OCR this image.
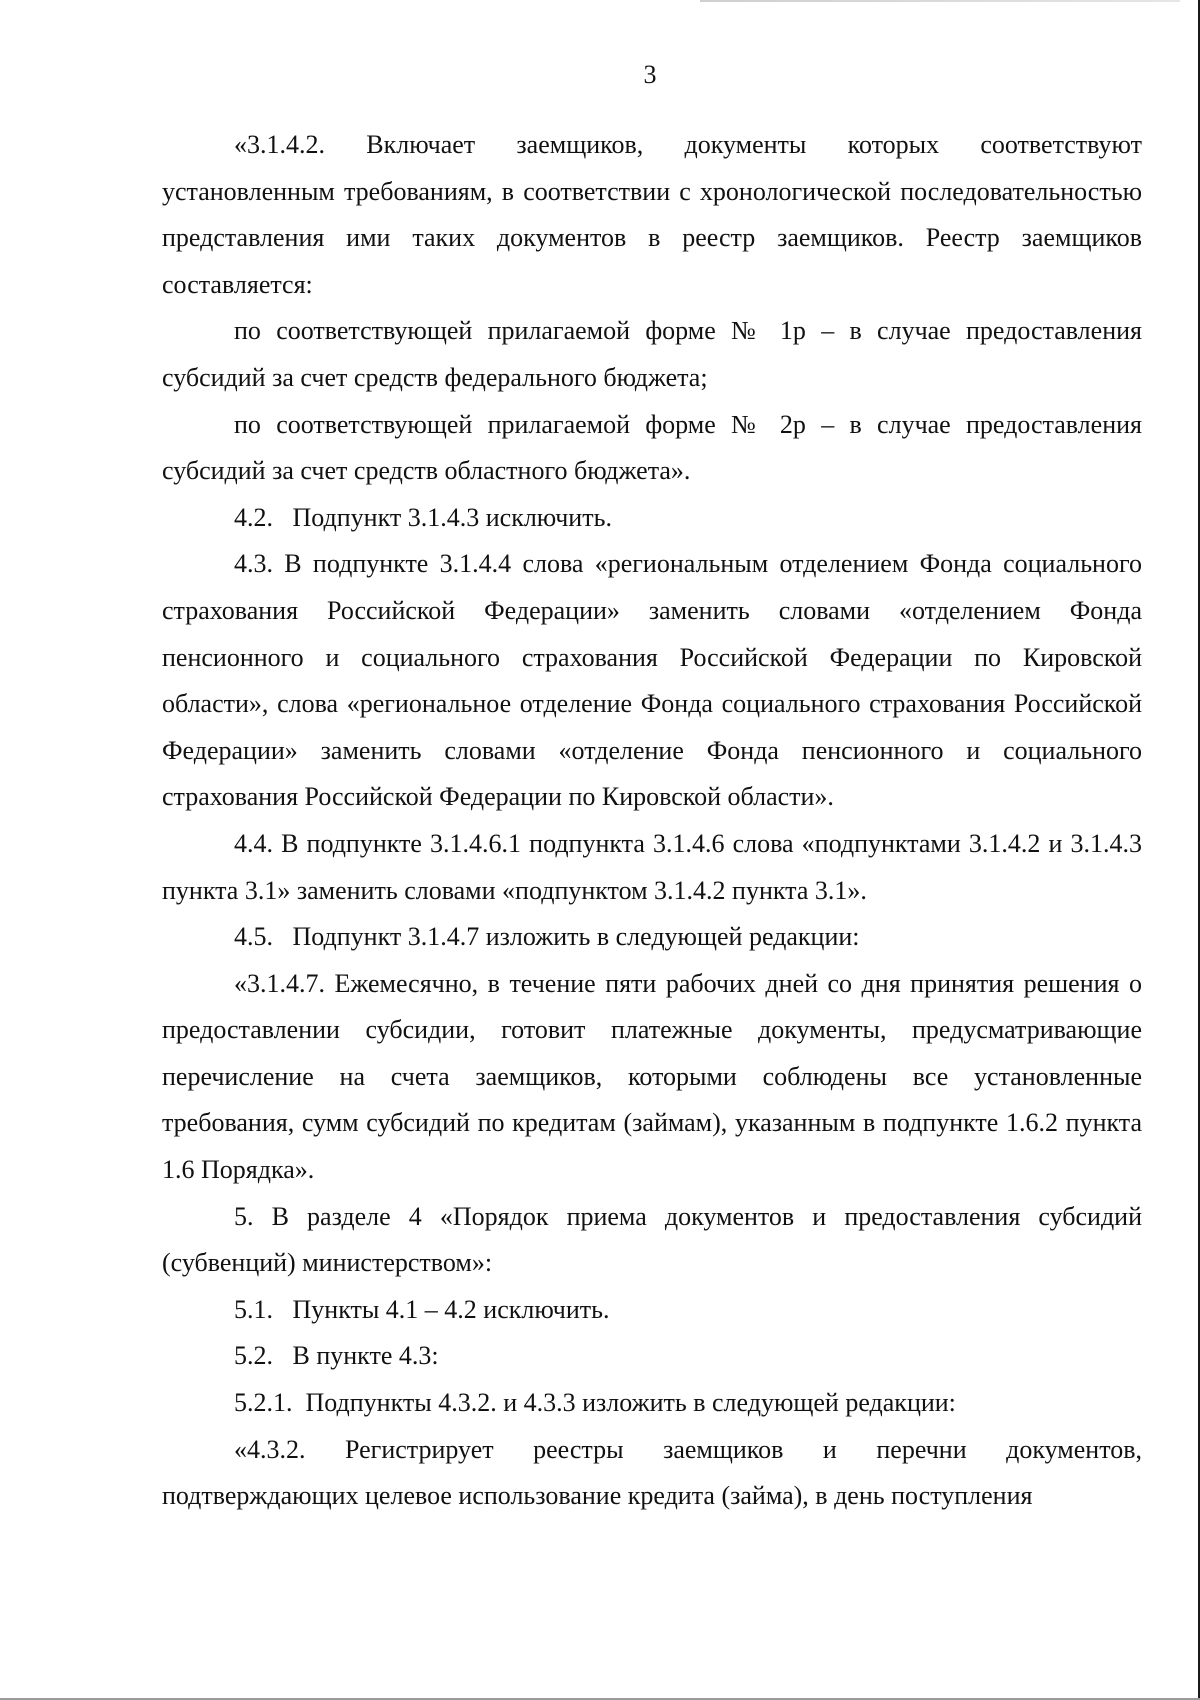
3

«3.1.4.2. Включает заемщиков, документы которых соответствуют установленным требованиям, в соответствии с хронологической последовательностью представления ими таких документов в реестр заемщиков. Реестр заемщиков составляется:

по соответствующей прилагаемой форме № 1р – в случае предоставления субсидий за счет средств федерального бюджета;

по соответствующей прилагаемой форме № 2р – в случае предоставления субсидий за счет средств областного бюджета».

4.2.   Подпункт 3.1.4.3 исключить.

4.3. В подпункте 3.1.4.4 слова «региональным отделением Фонда социального страхования Российской Федерации» заменить словами «отделением Фонда пенсионного и социального страхования Российской Федерации по Кировской области», слова «региональное отделение Фонда социального страхования Российской Федерации» заменить словами «отделение Фонда пенсионного и социального страхования Российской Федерации по Кировской области».

4.4. В подпункте 3.1.4.6.1 подпункта 3.1.4.6 слова «подпунктами 3.1.4.2 и 3.1.4.3 пункта 3.1» заменить словами «подпунктом 3.1.4.2 пункта 3.1».

4.5.   Подпункт 3.1.4.7 изложить в следующей редакции:

«3.1.4.7. Ежемесячно, в течение пяти рабочих дней со дня принятия решения о предоставлении субсидии, готовит платежные документы, предусматривающие перечисление на счета заемщиков, которыми соблюдены все установленные требования, сумм субсидий по кредитам (займам), указанным в подпункте 1.6.2 пункта 1.6 Порядка».

5. В разделе 4 «Порядок приема документов и предоставления субсидий (субвенций) министерством»:

5.1.   Пункты 4.1 – 4.2 исключить.

5.2.   В пункте 4.3:

5.2.1.  Подпункты 4.3.2. и 4.3.3 изложить в следующей редакции:

«4.3.2. Регистрирует реестры заемщиков и перечни документов, подтверждающих целевое использование кредита (займа), в день поступления
